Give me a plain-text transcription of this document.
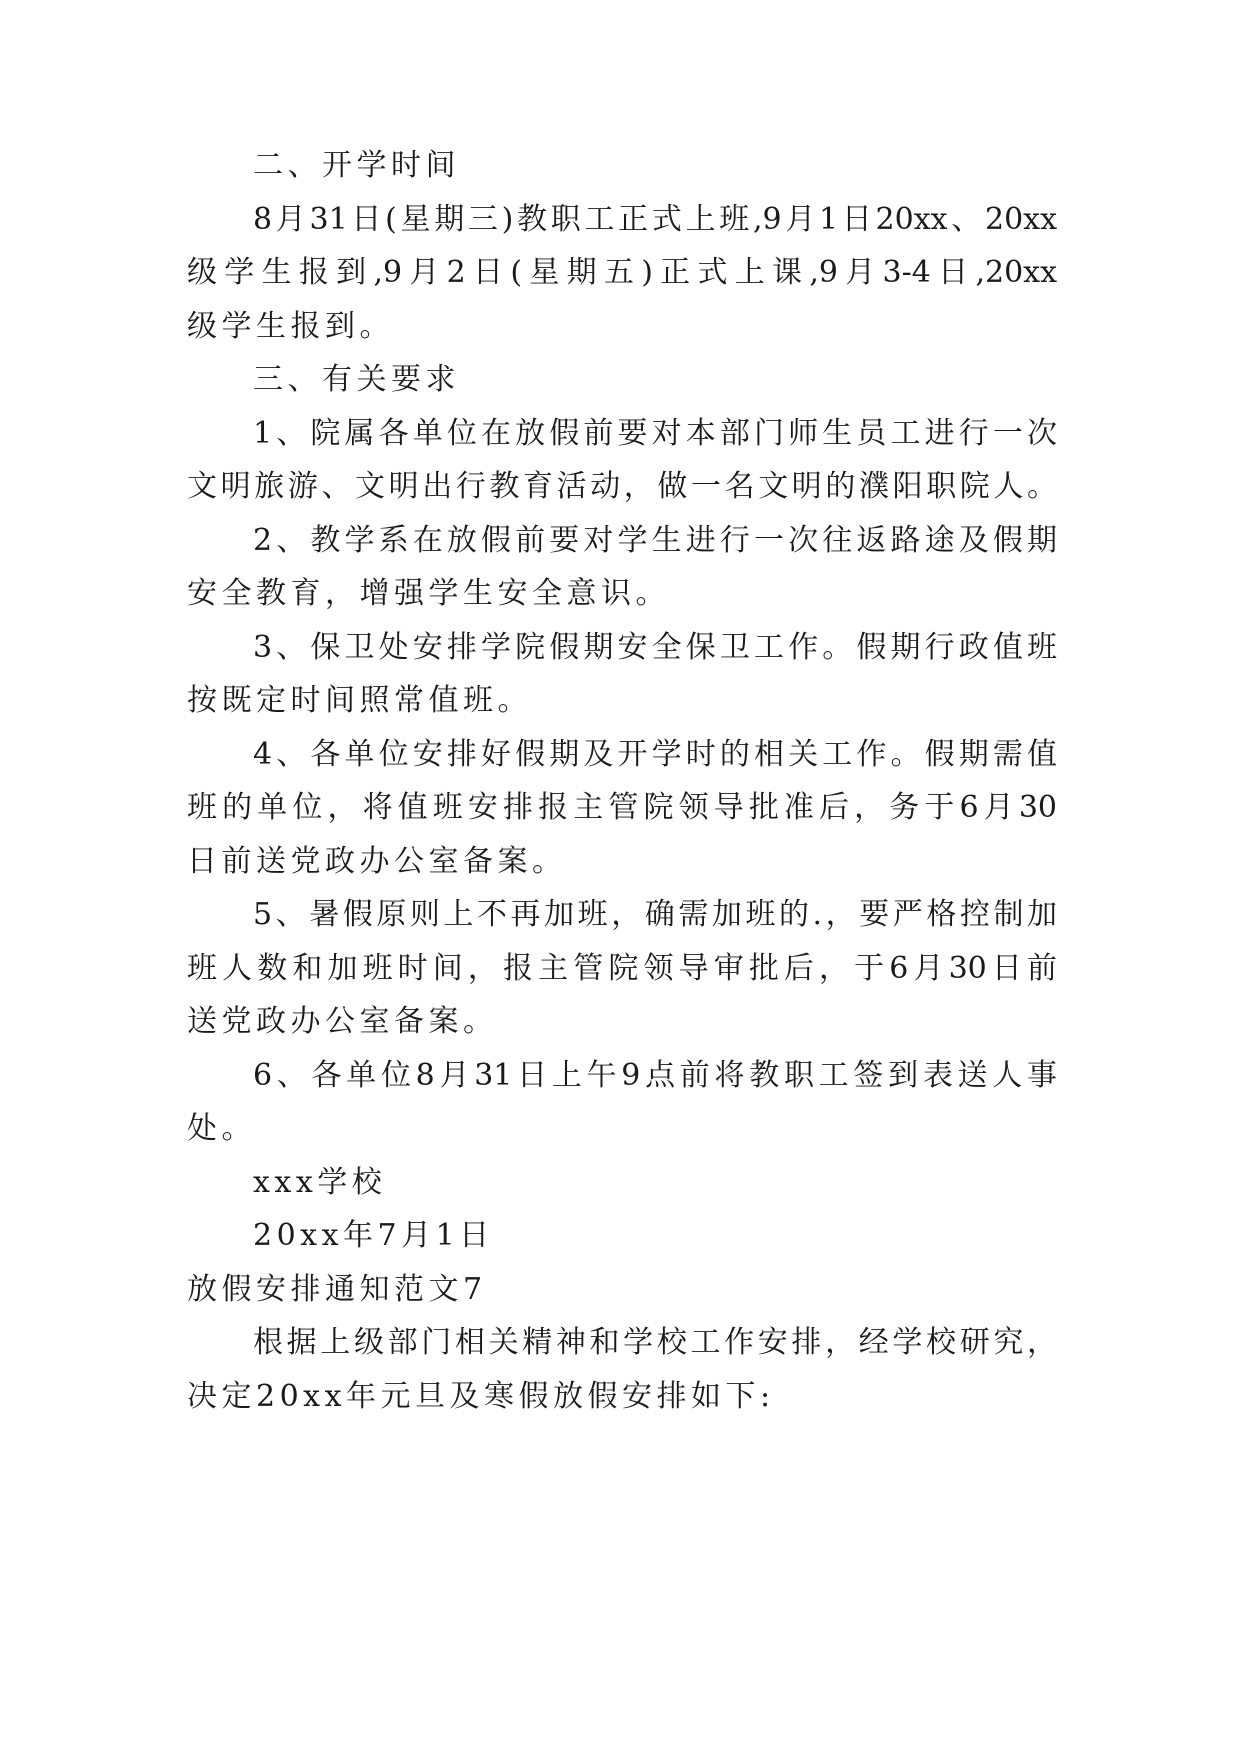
二、开学时间
8月31日(星期三)教职工正式上班,9月1日20xx、20xx
级学生报到,9月2日(星期五)正式上课,9月3-4日,20xx
级学生报到。
三、有关要求
1、院属各单位在放假前要对本部门师生员工进行一次
文明旅游、文明出行教育活动，做一名文明的濮阳职院人。
2、教学系在放假前要对学生进行一次往返路途及假期
安全教育，增强学生安全意识。
3、保卫处安排学院假期安全保卫工作。假期行政值班
按既定时间照常值班。
4、各单位安排好假期及开学时的相关工作。假期需值
班的单位，将值班安排报主管院领导批准后，务于6月30
日前送党政办公室备案。
5、暑假原则上不再加班，确需加班的.，要严格控制加
班人数和加班时间，报主管院领导审批后，于6月30日前
送党政办公室备案。
6、各单位8月31日上午9点前将教职工签到表送人事
处。
xxx学校
20xx年7月1日
放假安排通知范文7
根据上级部门相关精神和学校工作安排，经学校研究，
决定20xx年元旦及寒假放假安排如下:
